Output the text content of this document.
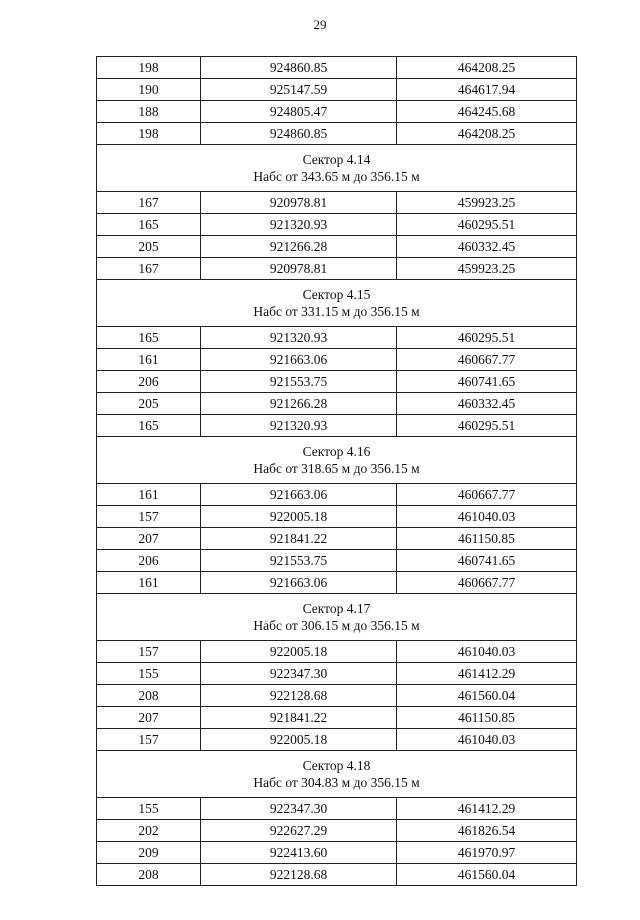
29
198	924860.85	464208.25
190	925147.59	464617.94
188	924805.47	464245.68
198	924860.85	464208.25

Сектор 4.14
Набс от 343.65 м до 356.15 м		

167	920978.81	459923.25
165	921320.93	460295.51
205	921266.28	460332.45
167	920978.81	459923.25

Сектор 4.15
Набс от 331.15 м до 356.15 м		

165	921320.93	460295.51
161	921663.06	460667.77
206	921553.75	460741.65
205	921266.28	460332.45
165	921320.93	460295.51

Сектор 4.16
Набс от 318.65 м до 356.15 м		

161	921663.06	460667.77
157	922005.18	461040.03
207	921841.22	461150.85
206	921553.75	460741.65
161	921663.06	460667.77

Сектор 4.17
Набс от 306.15 м до 356.15 м		

157	922005.18	461040.03
155	922347.30	461412.29
208	922128.68	461560.04
207	921841.22	461150.85
157	922005.18	461040.03

Сектор 4.18
Набс от 304.83 м до 356.15 м		

155	922347.30	461412.29
202	922627.29	461826.54
209	922413.60	461970.97
208	922128.68	461560.04
